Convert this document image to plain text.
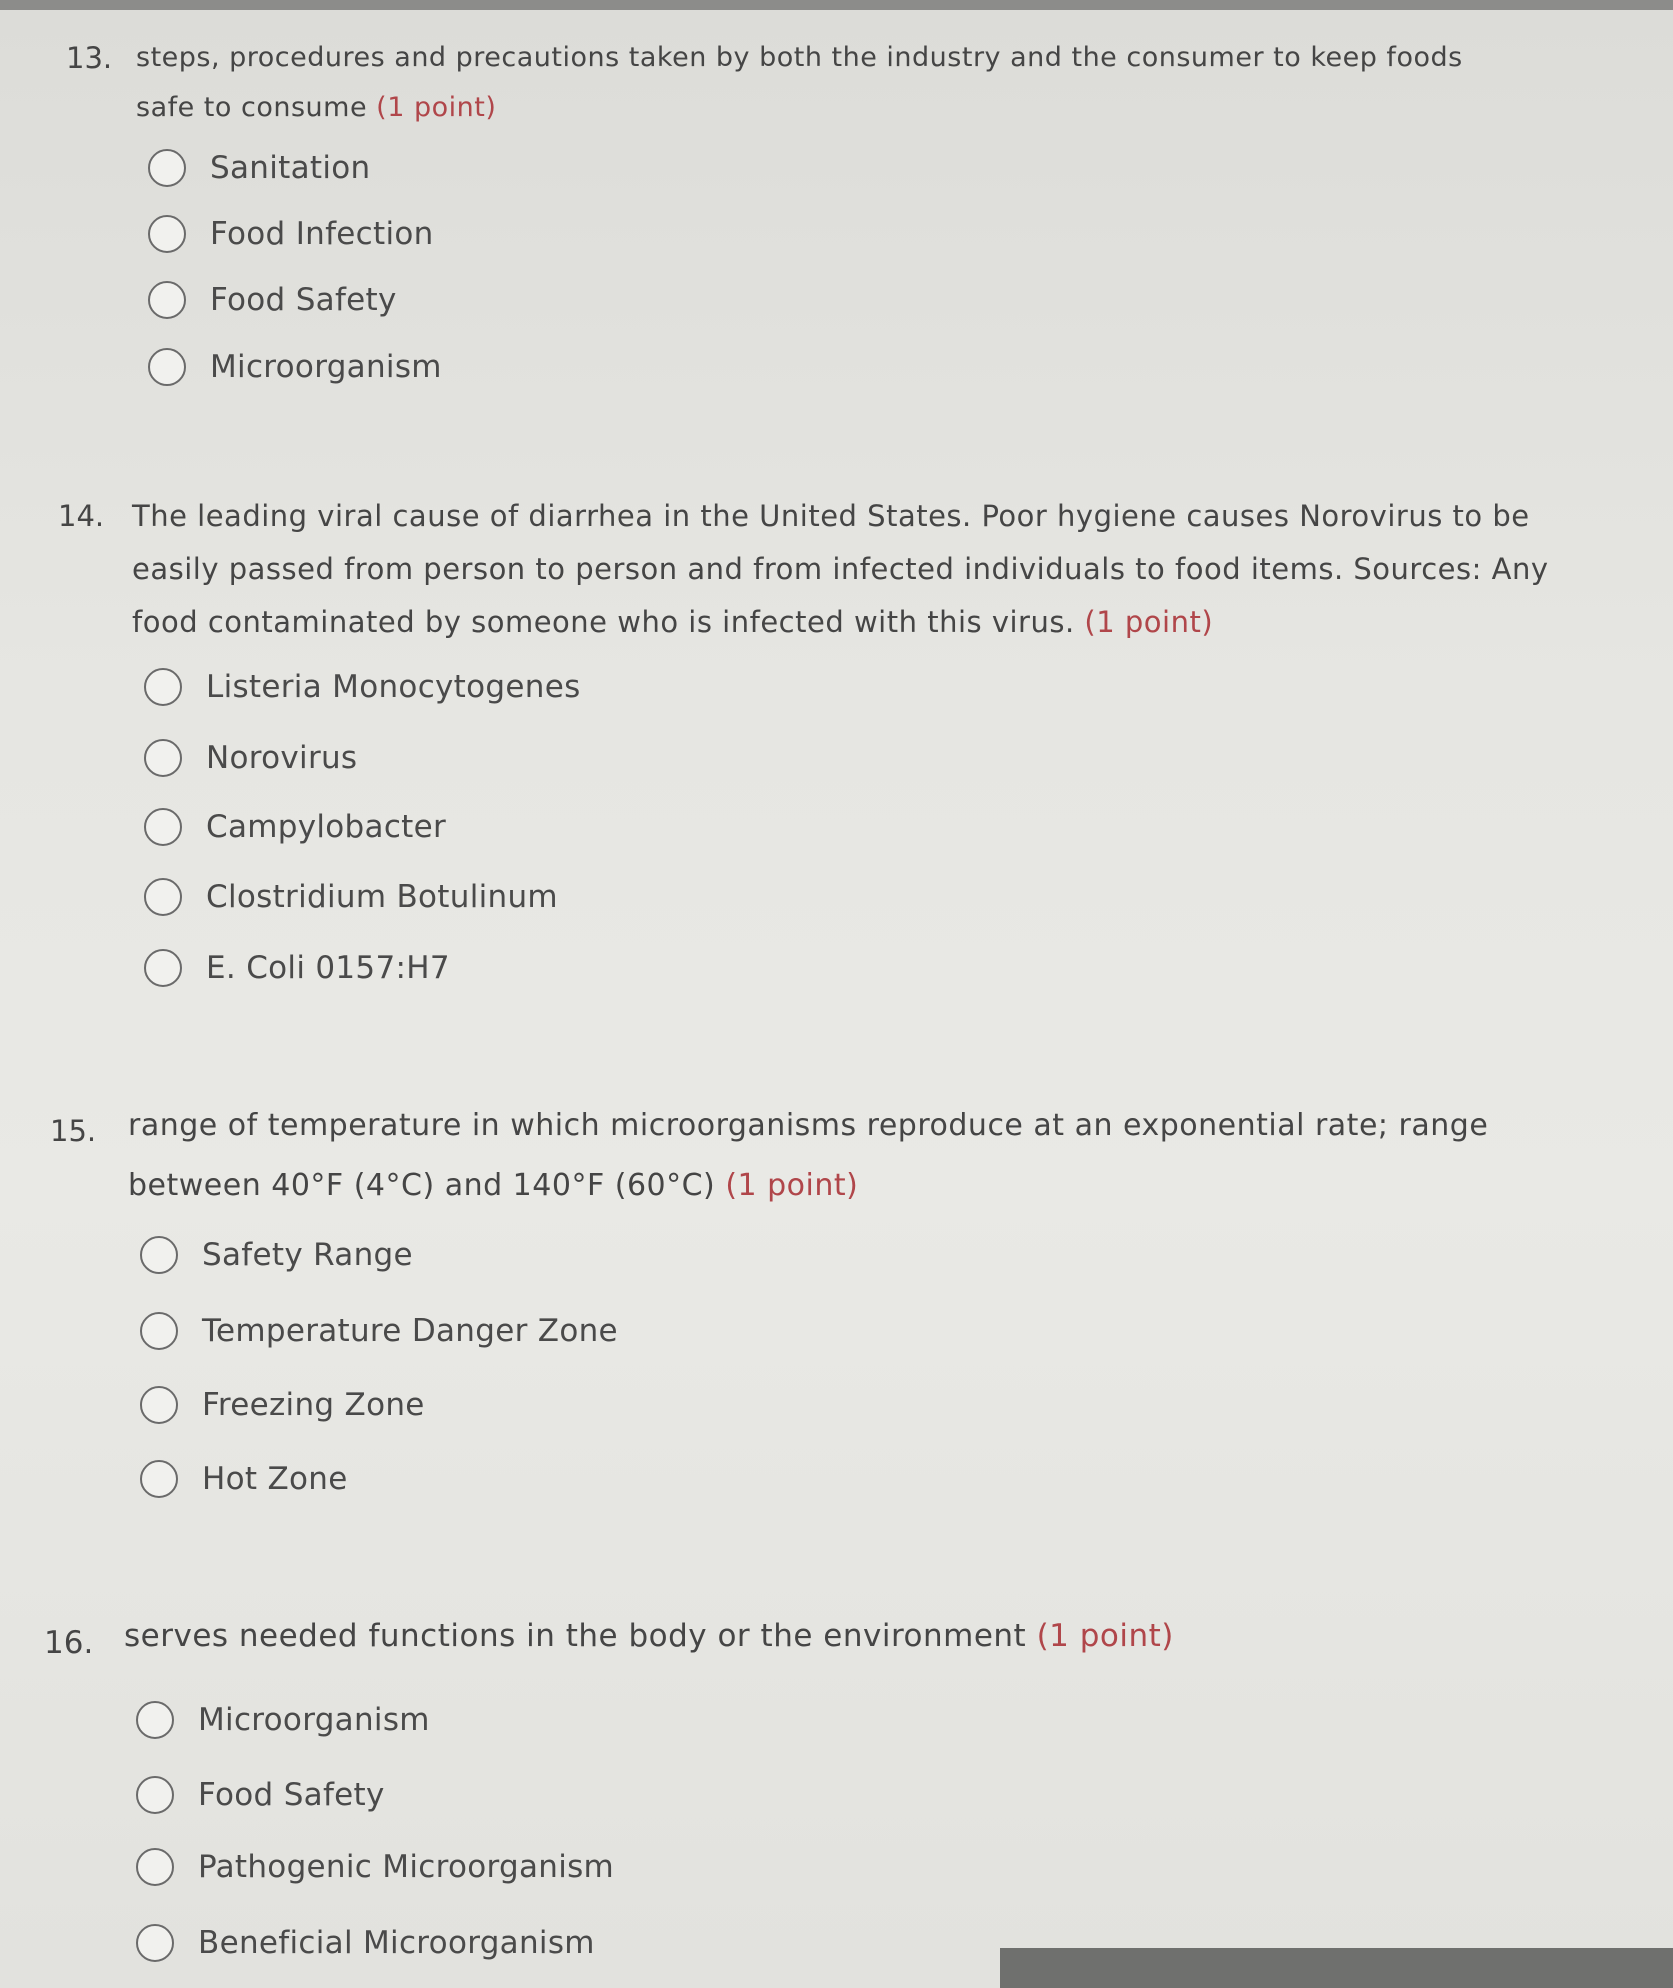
13. steps, procedures and precautions taken by both the industry and the consumer to keep foods
safe to consume (1 point)
Sanitation
Food Infection
Food Safety
Microorganism
14. The leading viral cause of diarrhea in the United States. Poor hygiene causes Norovirus to be
easily passed from person to person and from infected individuals to food items. Sources: Any
food contaminated by someone who is infected with this virus. (1 point)
Listeria Monocytogenes
Norovirus
Campylobacter
Clostridium Botulinum
E. Coli 0157:H7
15. range of temperature in which microorganisms reproduce at an exponential rate; range
between 40°F (4°C) and 140°F (60°C) (1 point)
Safety Range
Temperature Danger Zone
Freezing Zone
Hot Zone
16. serves needed functions in the body or the environment (1 point)
Microorganism
Food Safety
Pathogenic Microorganism
Beneficial Microorganism
